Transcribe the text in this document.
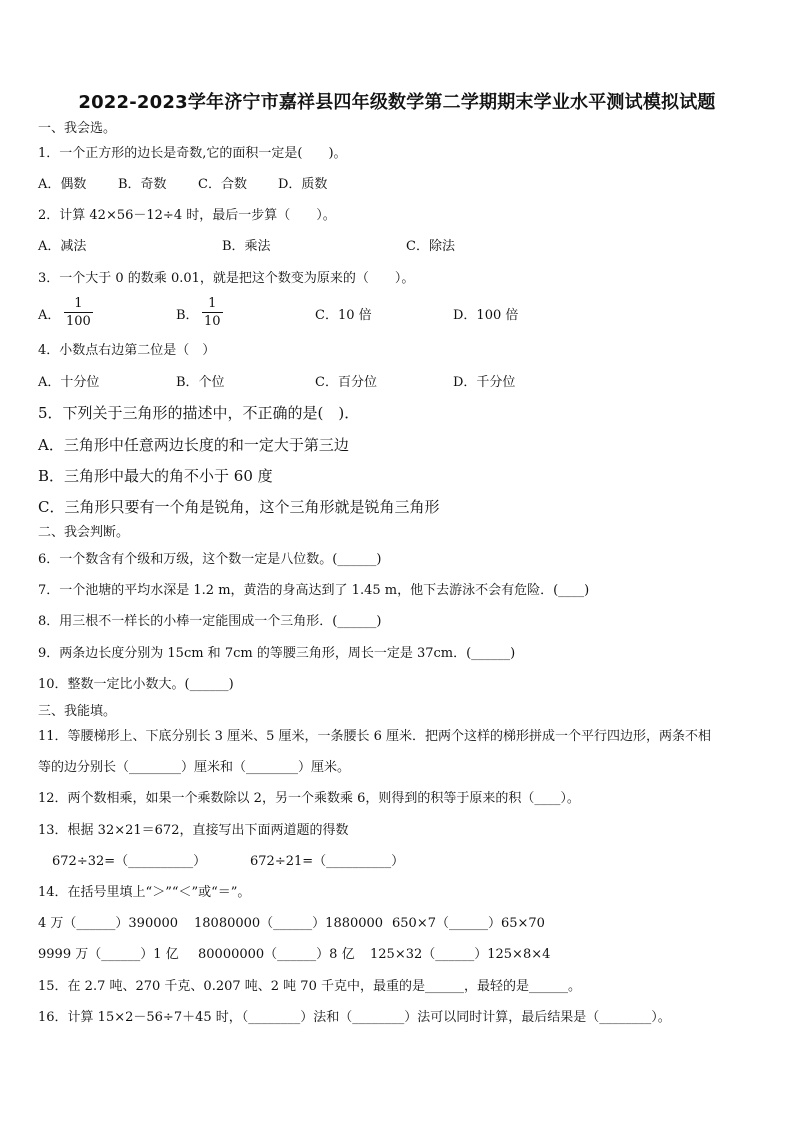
2022-2023学年济宁市嘉祥县四年级数学第二学期期末学业水平测试模拟试题
一、我会选。
1．一个正方形的边长是奇数,它的面积一定是(　　)。
A．偶数 B．奇数 C．合数 D．质数
2．计算 42×56－12÷4 时，最后一步算（　　）。
A．减法	B．乘法	C．除法
3．一个大于 0 的数乘 0.01，就是把这个数变为原来的（　　）。
A．
1
100	B．
1
10	C．10 倍	D．100 倍
4．小数点右边第二位是（　）
A．十分位	B．个位	C．百分位	D．千分位
5．下列关于三角形的描述中，不正确的是(　)．
A．三角形中任意两边长度的和一定大于第三边
B．三角形中最大的角不小于 60 度
C．三角形只要有一个角是锐角，这个三角形就是锐角三角形
二、我会判断。
6．一个数含有个级和万级，这个数一定是八位数。(______)
7．一个池塘的平均水深是 1.2 m，黄浩的身高达到了 1.45 m，他下去游泳不会有危险．(____)
8．用三根不一样长的小棒一定能围成一个三角形．(______)
9．两条边长度分别为 15cm 和 7cm 的等腰三角形，周长一定是 37cm．(______)
10．整数一定比小数大。(______)
三、我能填。
11．等腰梯形上、下底分别长 3 厘米、5 厘米，一条腰长 6 厘米．把两个这样的梯形拼成一个平行四边形，两条不相
等的边分别长（________）厘米和（________）厘米。
12．两个数相乘，如果一个乘数除以 2，另一个乘数乘 6，则得到的积等于原来的积（____）。
13．根据 32×21＝672，直接写出下面两道题的得数
672÷32=（__________）	672÷21=（__________）
14．在括号里填上“＞”“＜”或“＝”。
4 万（______）390000 18080000（______）1880000 650×7（______）65×70
9999 万（______）1 亿 80000000（______）8 亿 125×32（______）125×8×4
15．在 2.7 吨、270 千克、0.207 吨、2 吨 70 千克中，最重的是______，最轻的是______。
16．计算 15×2－56÷7＋45 时，（________）法和（________）法可以同时计算，最后结果是（________）。
